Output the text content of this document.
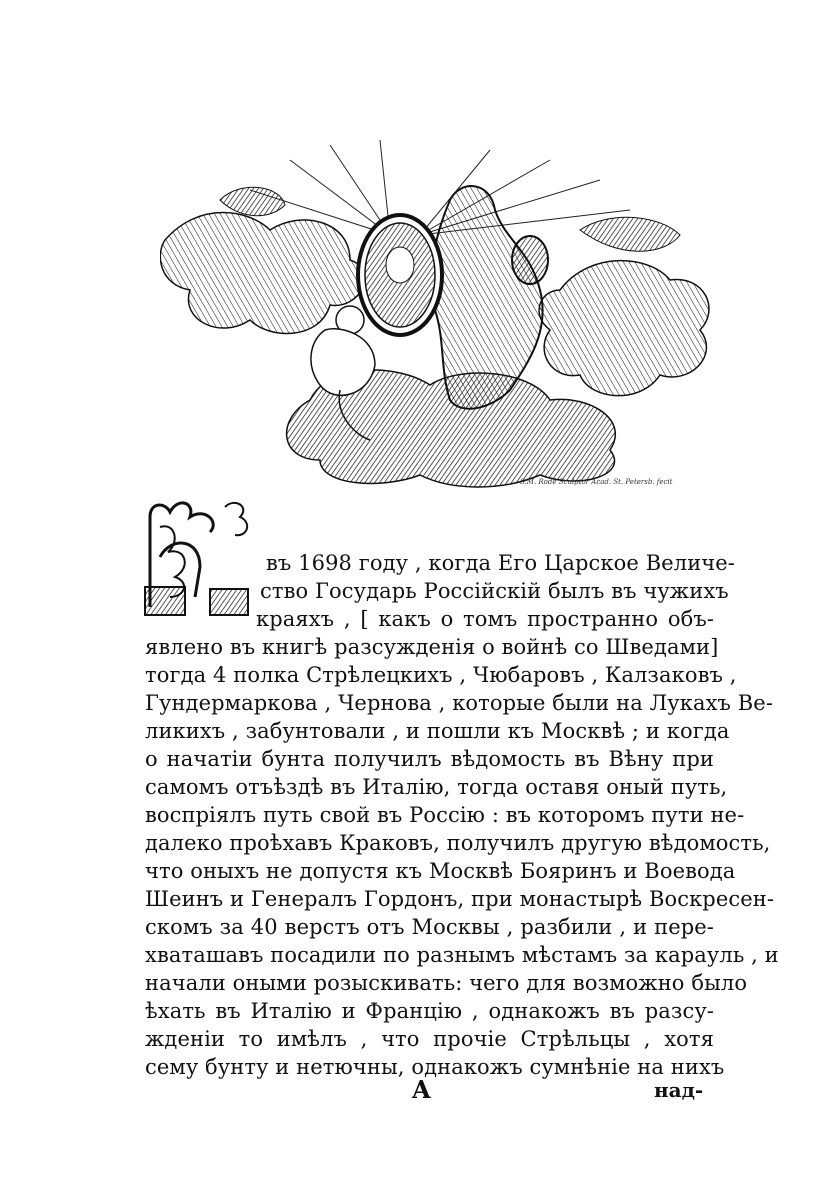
S.M. Rode Sculptor Acad. St. Petersb. fecit
въ 1698 году , когда Его Царское Величе-
ство Государь Россійскій былъ въ чужихъ
краяхъ , [ какъ о томъ пространно объ-
явлено въ книгѣ разсужденія о войнѣ со Шведами]
тогда 4 полка Стрѣлецкихъ , Чюбаровъ , Калзаковъ ,
Гундермаркова , Чернова , которые были на Лукахъ Ве-
ликихъ , забунтовали , и пошли къ Москвѣ ; и когда
о начатіи бунта получилъ вѣдомость въ Вѣну при
самомъ отъѣздѣ въ Италію, тогда оставя оный путь,
воспріялъ путь свой въ Россію : въ которомъ пути не-
далеко проѣхавъ Краковъ, получилъ другую вѣдомость,
что оныхъ не допустя къ Москвѣ Бояринъ и Воевода
Шеинъ и Генералъ Гордонъ, при монастырѣ Воскресен-
скомъ за 40 верстъ отъ Москвы , разбили , и пере-
хваташавъ посадили по разнымъ мѣстамъ за карауль , и
начали оными розыскивать: чего для возможно было
ѣхать въ Италію и Францію , однакожъ въ разсу-
жденіи то имѣлъ , что прочіе Стрѣльцы , хотя
сему бунту и нетючны, однакожъ сумнѣніе на нихъ
A	над-
